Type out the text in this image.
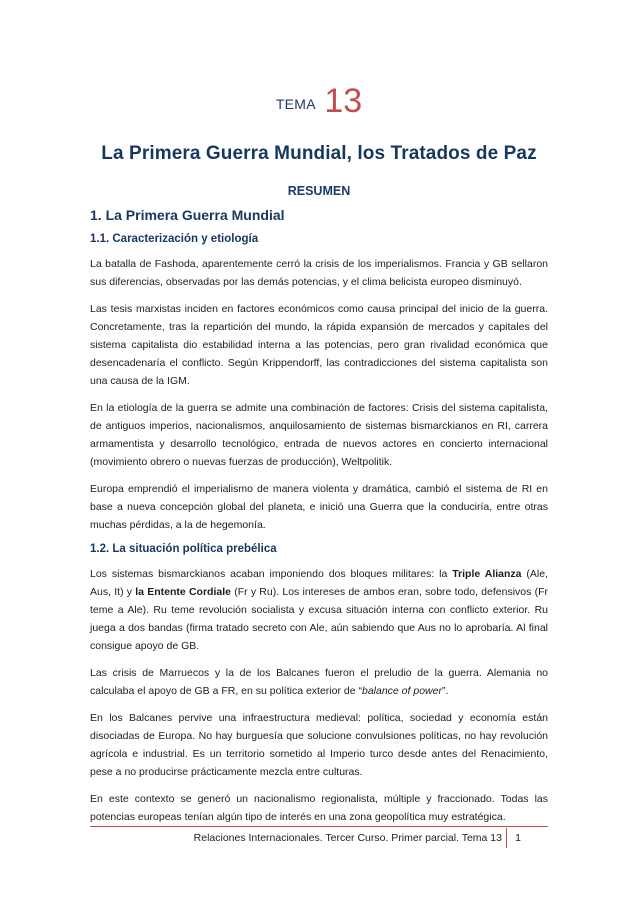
TEMA 13
La Primera Guerra Mundial, los Tratados de Paz
RESUMEN
1. La Primera Guerra Mundial
1.1. Caracterización y etiología

La batalla de Fashoda, aparentemente cerró la crisis de los imperialismos. Francia y GB sellaron sus diferencias, observadas por las demás potencias, y el clima belicista europeo disminuyó.

Las tesis marxistas inciden en factores económicos como causa principal del inicio de la guerra. Concretamente, tras la repartición del mundo, la rápida expansión de mercados y capitales del sistema capitalista dio estabilidad interna a las potencias, pero gran rivalidad económica que desencadenaría el conflicto. Según Krippendorff, las contradicciones del sistema capitalista son una causa de la IGM.

En la etiología de la guerra se admite una combinación de factores: Crisis del sistema capitalista, de antiguos imperios, nacionalismos, anquilosamiento de sistemas bismarckianos en RI, carrera armamentista y desarrollo tecnológico, entrada de nuevos actores en concierto internacional (movimiento obrero o nuevas fuerzas de producción), Weltpolitik.

Europa emprendió el imperialismo de manera violenta y dramática, cambió el sistema de RI en base a nueva concepción global del planeta, e inició una Guerra que la conduciría, entre otras muchas pérdidas, a la de hegemonía.

1.2. La situación política prebélica

Los sistemas bismarckianos acaban imponiendo dos bloques militares: la Triple Alianza (Ale, Aus, It) y la Entente Cordiale (Fr y Ru). Los intereses de ambos eran, sobre todo, defensivos (Fr teme a Ale). Ru teme revolución socialista y excusa situación interna con conflicto exterior. Ru juega a dos bandas (firma tratado secreto con Ale, aún sabiendo que Aus no lo aprobaría. Al final consigue apoyo de GB.

Las crisis de Marruecos y la de los Balcanes fueron el preludio de la guerra. Alemania no calculaba el apoyo de GB a FR, en su política exterior de “balance of power”.

En los Balcanes pervive una infraestructura medieval: política, sociedad y economía están disociadas de Europa. No hay burguesía que solucione convulsiones políticas, no hay revolución agrícola e industrial. Es un territorio sometido al Imperio turco desde antes del Renacimiento, pese a no producirse prácticamente mezcla entre culturas.

En este contexto se generó un nacionalismo regionalista, múltiple y fraccionado. Todas las potencias europeas tenían algún tipo de interés en una zona geopolítica muy estratégica.

Relaciones Internacionales. Tercer Curso. Primer parcial. Tema 13	1
